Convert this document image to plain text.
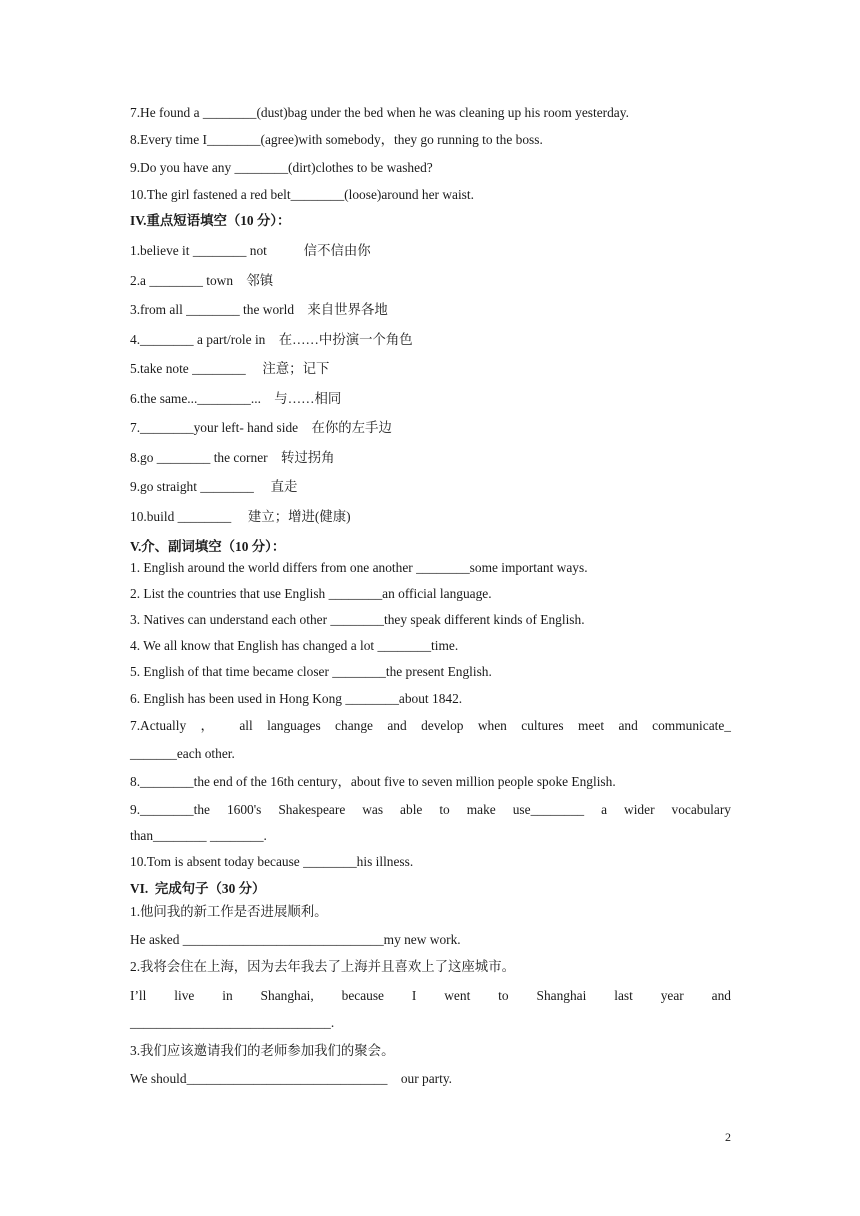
7.He found a ________(dust)bag under the bed when he was cleaning up his room yesterday.

8.Every time I________(agree)with somebody，they go running to the boss.

9.Do you have any ________(dirt)clothes to be washed?

10.The girl fastened a red belt________(loose)around her waist.

IV.重点短语填空（10 分）：

1.believe it ________ not           信不信由你

2.a ________ town    邻镇

3.from all ________ the world    来自世界各地

4.________ a part/role in    在……中扮演一个角色

5.take note ________     注意；记下

6.the same...________...    与……相同

7.________your left- hand side    在你的左手边

8.go ________ the corner    转过拐角

9.go straight ________     直走

10.build ________     建立；增进(健康)

V.介、副词填空（10 分）：

1. English around the world differs from one another ________some important ways.

2. List the countries that use English ________an official language.

3. Natives can understand each other ________they speak different kinds of English.

4. We all know that English has changed a lot ________time.

5. English of that time became closer ________the present English.

6. English has been used in Hong Kong ________about 1842.

7.Actually ， all languages change and develop when cultures meet and communicate_

_______each other.

8.________the end of the 16th century，about five to seven million people spoke English.

9.________the 1600's Shakespeare was able to make use________ a wider vocabulary

than________ ________.

10.Tom is absent today because ________his illness.

VI.  完成句子（30 分）

1.他问我的新工作是否进展顺利。

He asked ______________________________my new work.

2.我将会住在上海，因为去年我去了上海并且喜欢上了这座城市。

I’ll live in Shanghai, because I went to Shanghai last year and

______________________________.

3.我们应该邀请我们的老师参加我们的聚会。

We should______________________________    our party.

2
